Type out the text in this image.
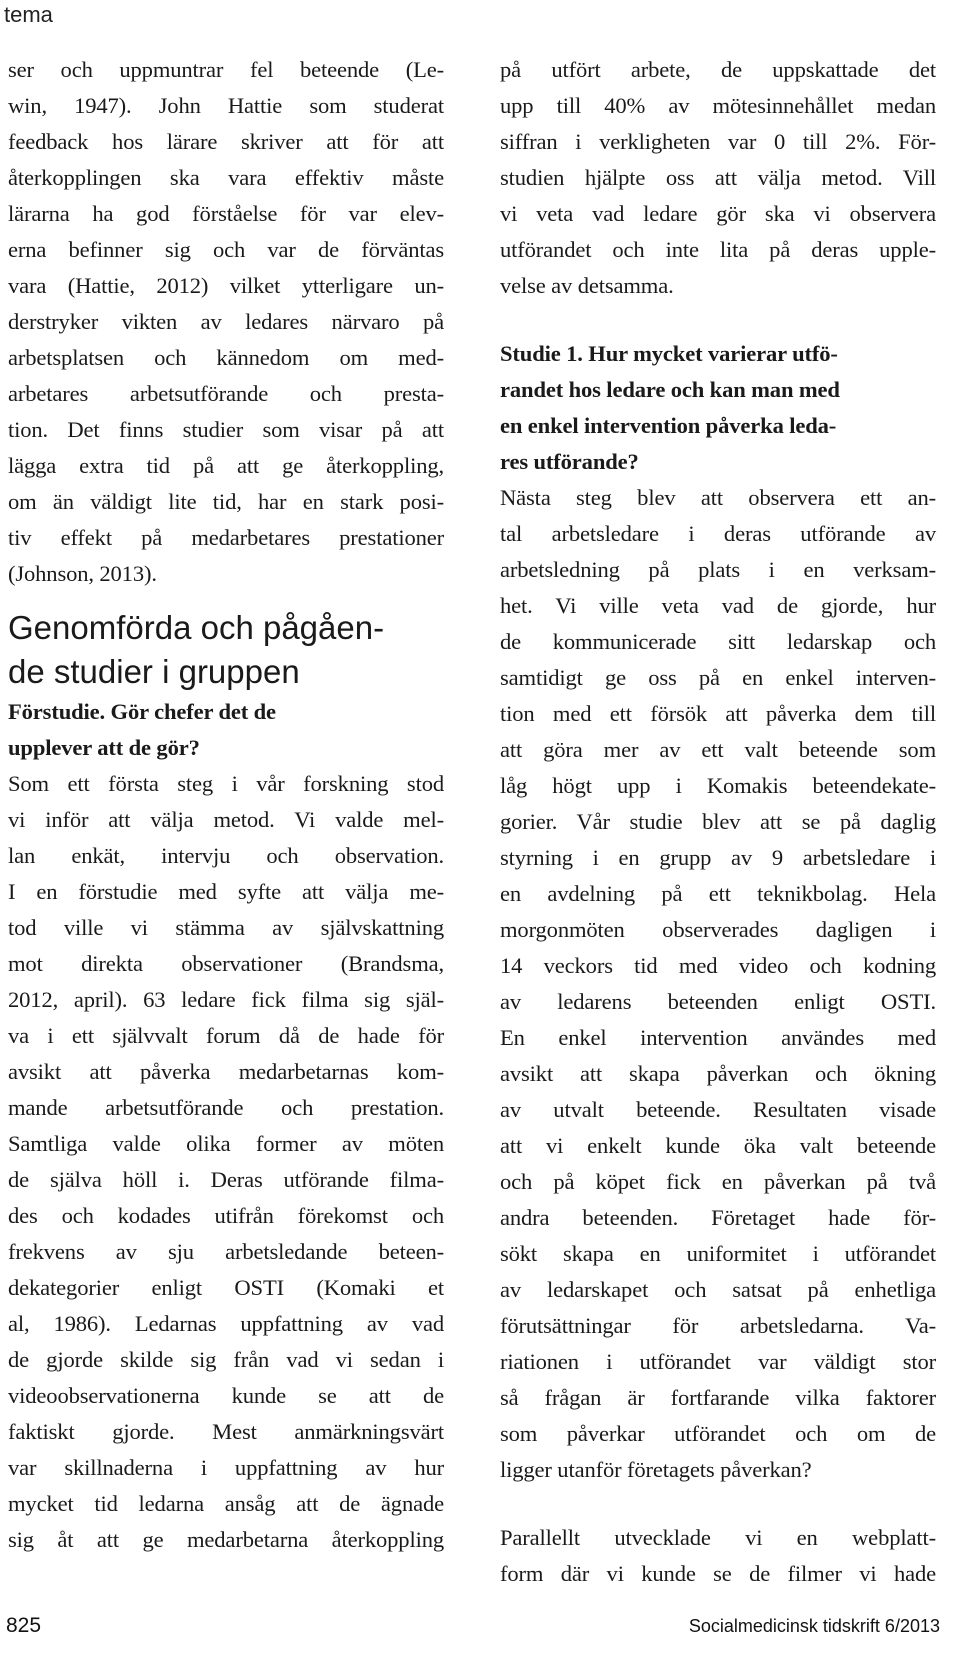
tema
ser och uppmuntrar fel beteende (Le-
win, 1947). John Hattie som studerat
feedback hos lärare skriver att för att
återkopplingen ska vara effektiv måste
lärarna ha god förståelse för var elev-
erna befinner sig och var de förväntas
vara (Hattie, 2012) vilket ytterligare un-
derstryker vikten av ledares närvaro på
arbetsplatsen och kännedom om med-
arbetares arbetsutförande och presta-
tion. Det finns studier som visar på att
lägga extra tid på att ge återkoppling,
om än väldigt lite tid, har en stark posi-
tiv effekt på medarbetares prestationer
(Johnson, 2013).
Genomförda och pågåen-
de studier i gruppen
Förstudie. Gör chefer det de
upplever att de gör?
Som ett första steg i vår forskning stod
vi inför att välja metod. Vi valde mel-
lan enkät, intervju och observation.
I en förstudie med syfte att välja me-
tod ville vi stämma av självskattning
mot direkta observationer (Brandsma,
2012, april). 63 ledare fick filma sig själ-
va i ett självvalt forum då de hade för
avsikt att påverka medarbetarnas kom-
mande arbetsutförande och prestation.
Samtliga valde olika former av möten
de själva höll i. Deras utförande filma-
des och kodades utifrån förekomst och
frekvens av sju arbetsledande beteen-
dekategorier enligt OSTI (Komaki et
al, 1986). Ledarnas uppfattning av vad
de gjorde skilde sig från vad vi sedan i
videoobservationerna kunde se att de
faktiskt gjorde. Mest anmärkningsvärt
var skillnaderna i uppfattning av hur
mycket tid ledarna ansåg att de ägnade
sig åt att ge medarbetarna återkoppling
på utfört arbete, de uppskattade det
upp till 40% av mötesinnehållet medan
siffran i verkligheten var 0 till 2%. För-
studien hjälpte oss att välja metod. Vill
vi veta vad ledare gör ska vi observera
utförandet och inte lita på deras upple-
velse av detsamma.
Studie 1. Hur mycket varierar utfö-
randet hos ledare och kan man med
en enkel intervention påverka leda-
res utförande?
Nästa steg blev att observera ett an-
tal arbetsledare i deras utförande av
arbetsledning på plats i en verksam-
het. Vi ville veta vad de gjorde, hur
de kommunicerade sitt ledarskap och
samtidigt ge oss på en enkel interven-
tion med ett försök att påverka dem till
att göra mer av ett valt beteende som
låg högt upp i Komakis beteendekate-
gorier. Vår studie blev att se på daglig
styrning i en grupp av 9 arbetsledare i
en avdelning på ett teknikbolag. Hela
morgonmöten observerades dagligen i
14 veckors tid med video och kodning
av ledarens beteenden enligt OSTI.
En enkel intervention användes med
avsikt att skapa påverkan och ökning
av utvalt beteende. Resultaten visade
att vi enkelt kunde öka valt beteende
och på köpet fick en påverkan på två
andra beteenden. Företaget hade för-
sökt skapa en uniformitet i utförandet
av ledarskapet och satsat på enhetliga
förutsättningar för arbetsledarna. Va-
riationen i utförandet var väldigt stor
så frågan är fortfarande vilka faktorer
som påverkar utförandet och om de
ligger utanför företagets påverkan?
Parallellt utvecklade vi en webplatt-
form där vi kunde se de filmer vi hade
825	Socialmedicinsk tidskrift 6/2013
